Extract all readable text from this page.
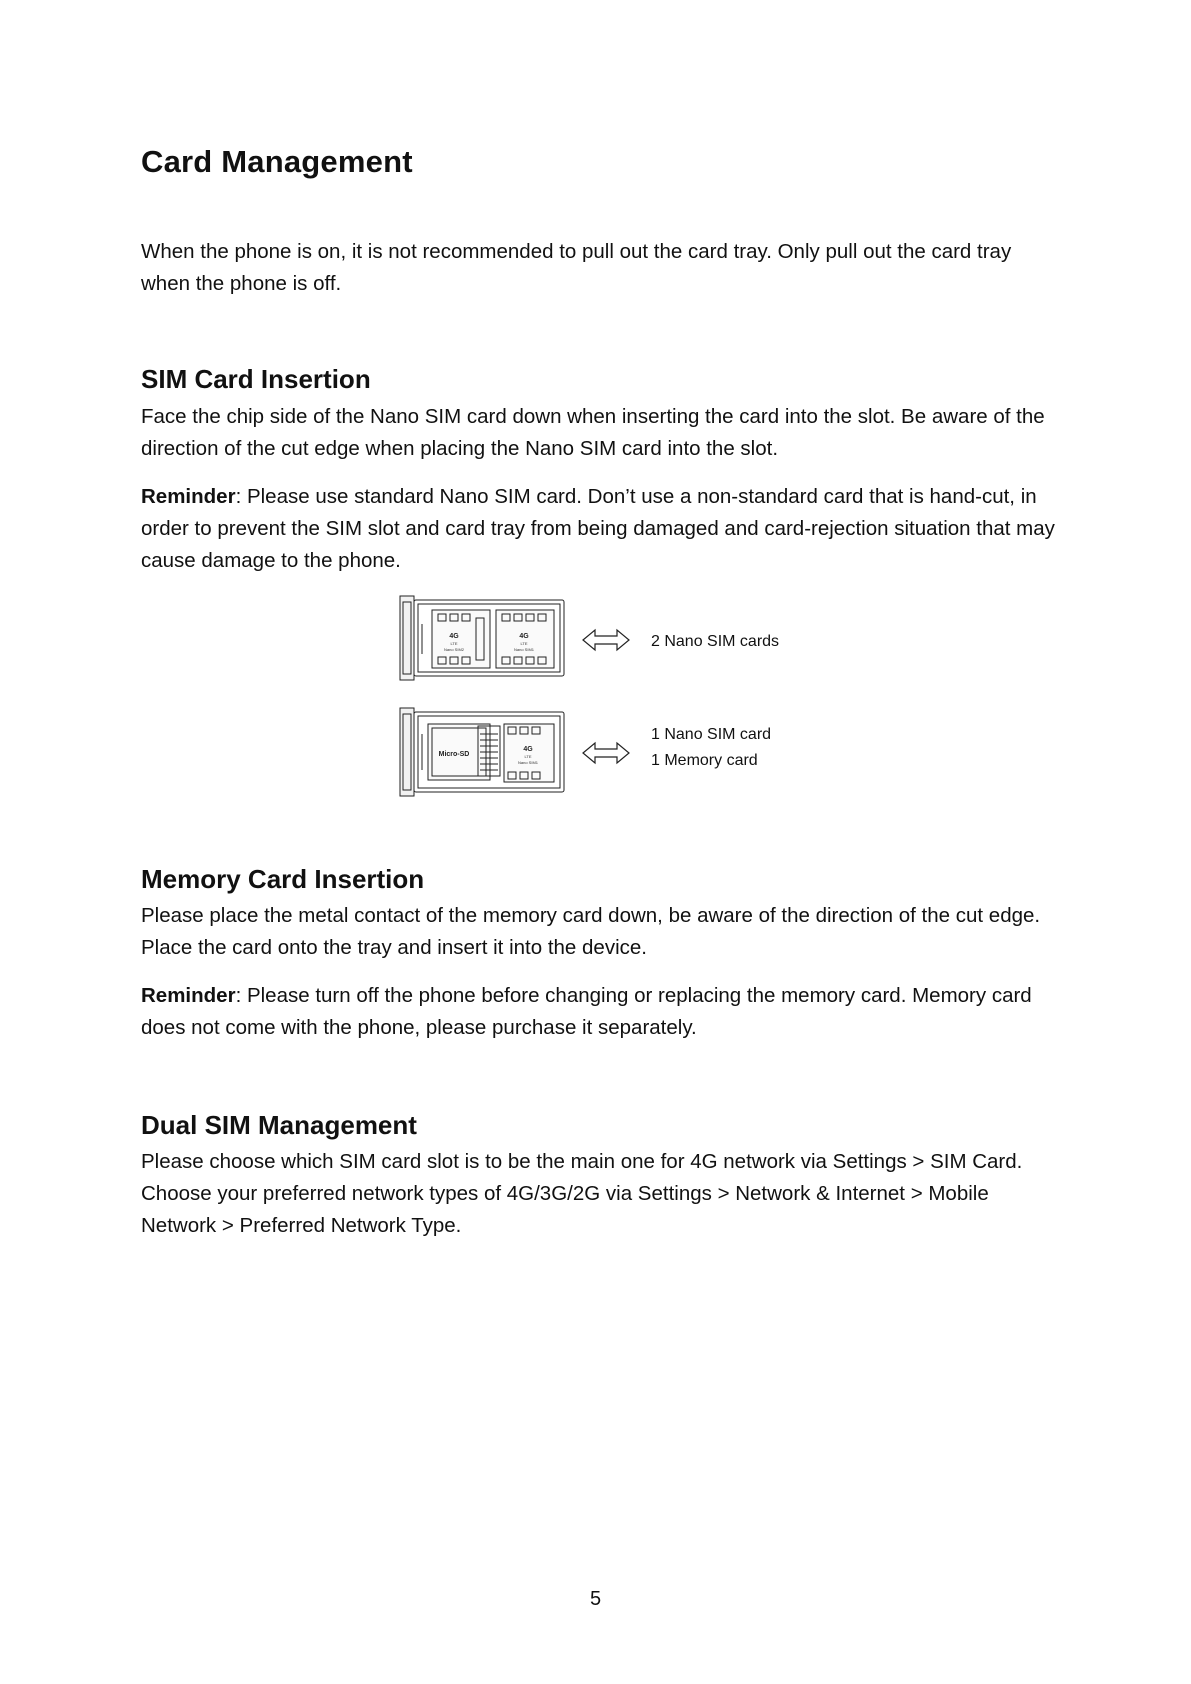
Card Management

When the phone is on, it is not recommended to pull out the card tray. Only pull out the card tray when the phone is off.

SIM Card Insertion

Face the chip side of the Nano SIM card down when inserting the card into the slot. Be aware of the direction of the cut edge when placing the Nano SIM card into the slot.

Reminder: Please use standard Nano SIM card. Don’t use a non-standard card that is hand-cut, in order to prevent the SIM slot and card tray from being damaged and card-rejection situation that may cause damage to the phone.

4G
LTE
Nano SIM2
4G
LTE
Nano SIM1	2 Nano SIM cards
Micro-SD
4G
LTE
Nano SIM1
1 Nano SIM card
1 Memory card
Memory Card Insertion

Please place the metal contact of the memory card down, be aware of the direction of the cut edge. Place the card onto the tray and insert it into the device.

Reminder: Please turn off the phone before changing or replacing the memory card. Memory card does not come with the phone, please purchase it separately.

Dual SIM Management

Please choose which SIM card slot is to be the main one for 4G network via Settings > SIM Card. Choose your preferred network types of 4G/3G/2G via Settings > Network & Internet > Mobile Network > Preferred Network Type.

5
